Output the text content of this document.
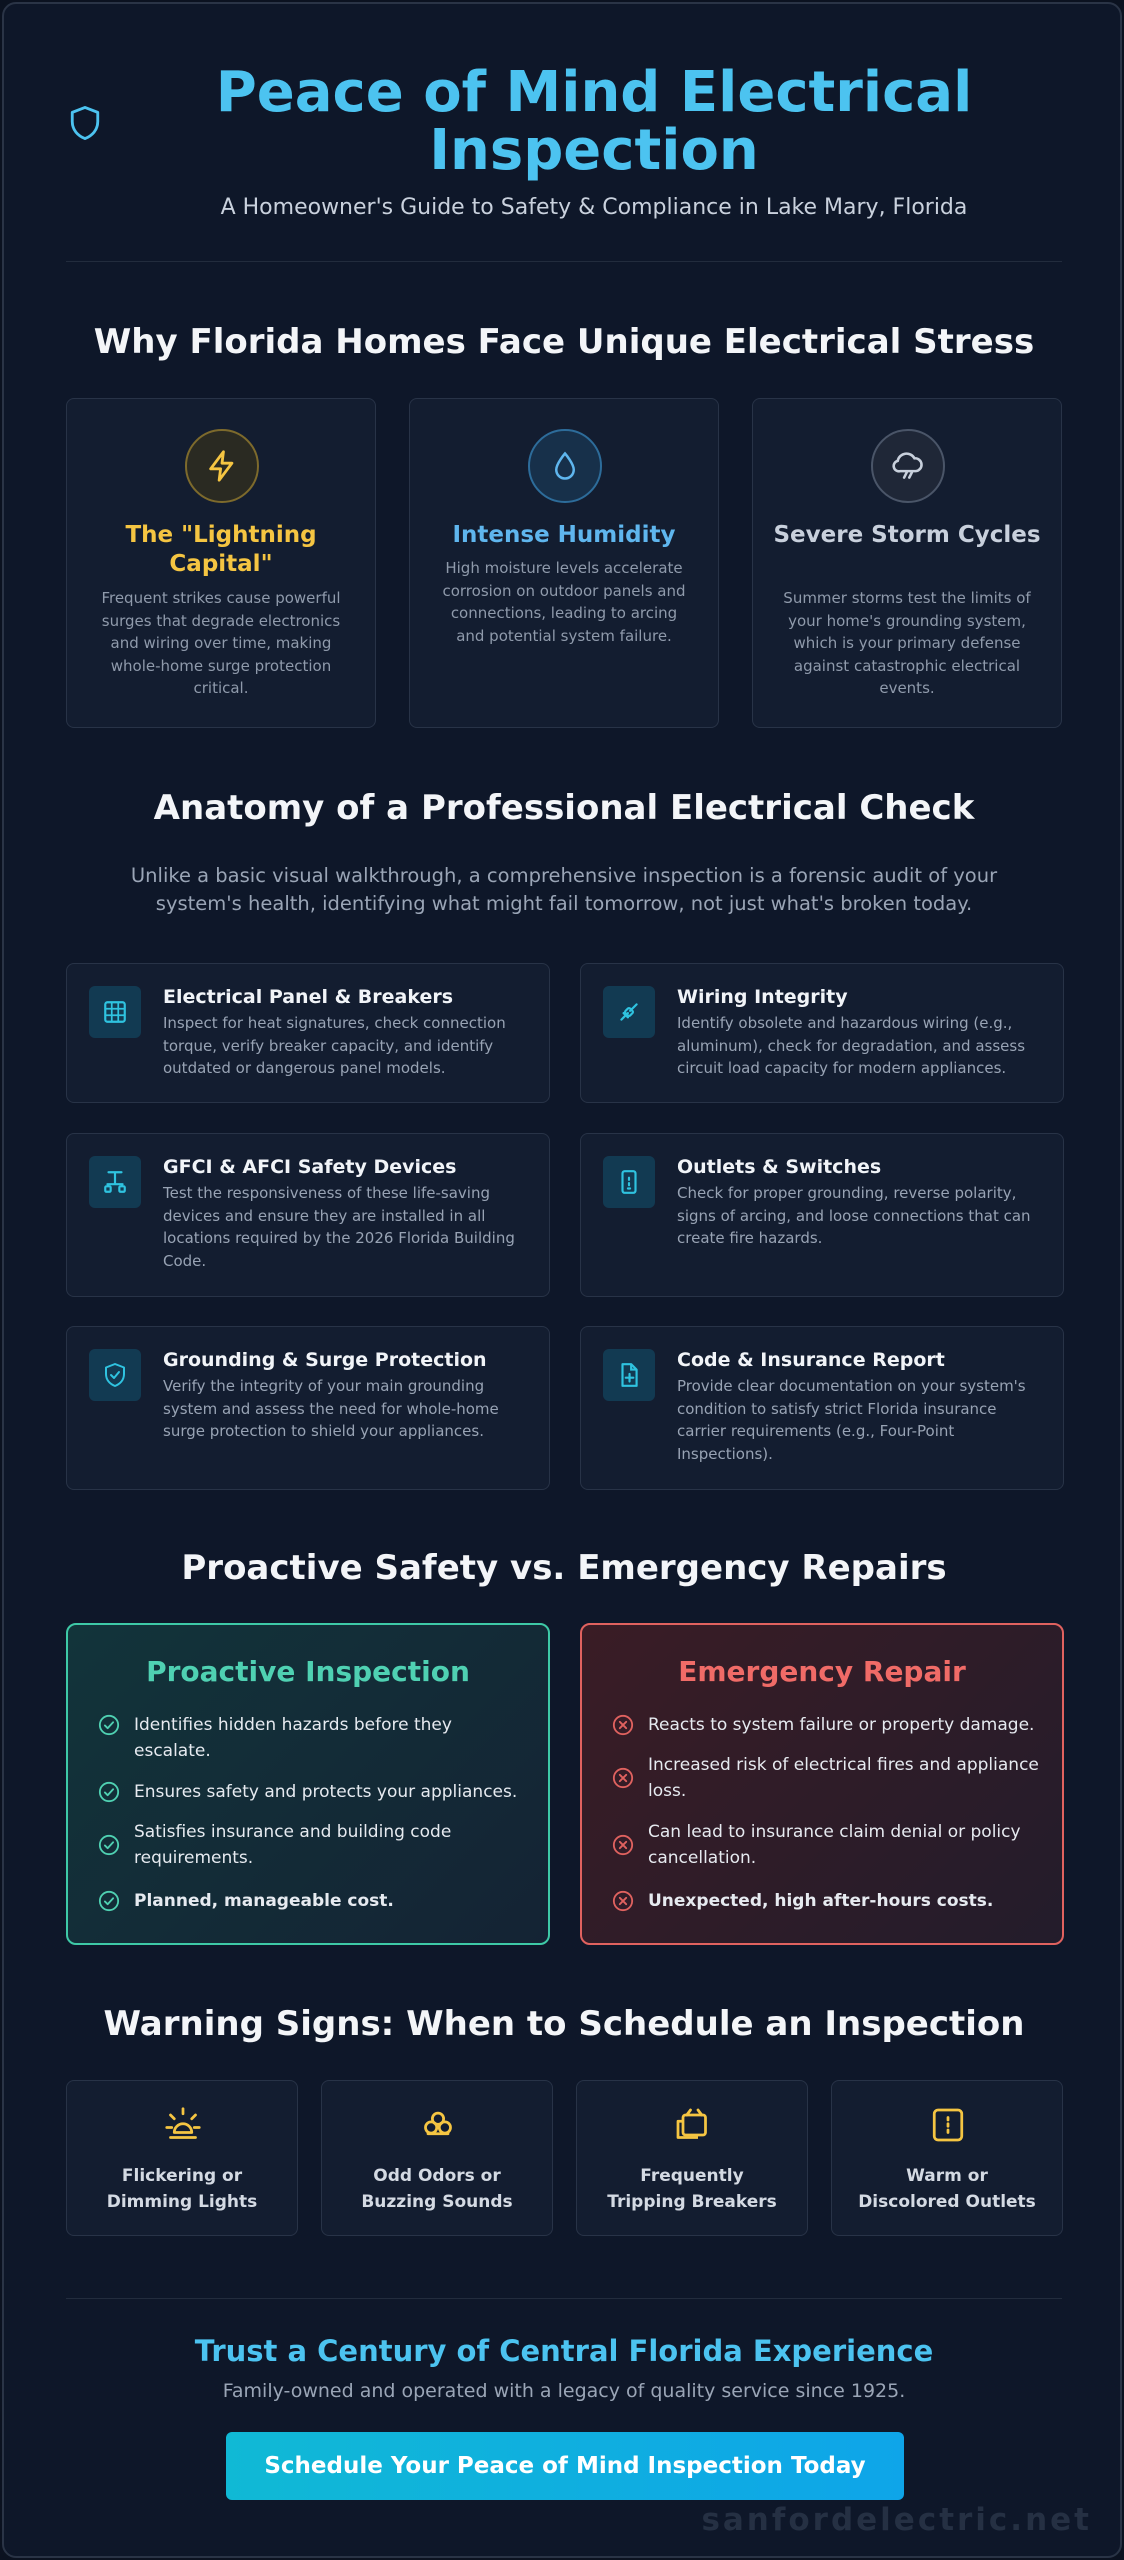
Peace of Mind Electrical Inspection
A Homeowner's Guide to Safety & Compliance in Lake Mary, Florida
Why Florida Homes Face Unique Electrical Stress
The "Lightning Capital"
Frequent strikes cause powerful surges that degrade electronics and wiring over time, making whole-home surge protection critical.
Intense Humidity
High moisture levels accelerate corrosion on outdoor panels and connections, leading to arcing and potential system failure.
Severe Storm Cycles
Summer storms test the limits of your home's grounding system, which is your primary defense against catastrophic electrical events.
Anatomy of a Professional Electrical Check
Unlike a basic visual walkthrough, a comprehensive inspection is a forensic audit of your system's health, identifying what might fail tomorrow, not just what's broken today.
Electrical Panel & Breakers
Inspect for heat signatures, check connection torque, verify breaker capacity, and identify outdated or dangerous panel models.
Wiring Integrity
Identify obsolete and hazardous wiring (e.g., aluminum), check for degradation, and assess circuit load capacity for modern appliances.
GFCI & AFCI Safety Devices
Test the responsiveness of these life-saving devices and ensure they are installed in all locations required by the 2026 Florida Building Code.
Outlets & Switches
Check for proper grounding, reverse polarity, signs of arcing, and loose connections that can create fire hazards.
Grounding & Surge Protection
Verify the integrity of your main grounding system and assess the need for whole-home surge protection to shield your appliances.
Code & Insurance Report
Provide clear documentation on your system's condition to satisfy strict Florida insurance carrier requirements (e.g., Four-Point Inspections).
Proactive Safety vs. Emergency Repairs
Proactive Inspection
Identifies hidden hazards before they escalate.
Ensures safety and protects your appliances.
Satisfies insurance and building code requirements.
Planned, manageable cost.
Emergency Repair
Reacts to system failure or property damage.
Increased risk of electrical fires and appliance loss.
Can lead to insurance claim denial or policy cancellation.
Unexpected, high after-hours costs.
Warning Signs: When to Schedule an Inspection
Flickering or
Dimming Lights
Odd Odors or
Buzzing Sounds
Frequently
Tripping Breakers
Warm or
Discolored Outlets
Trust a Century of Central Florida Experience
Family-owned and operated with a legacy of quality service since 1925.
Schedule Your Peace of Mind Inspection Today
sanfordelectric.net
